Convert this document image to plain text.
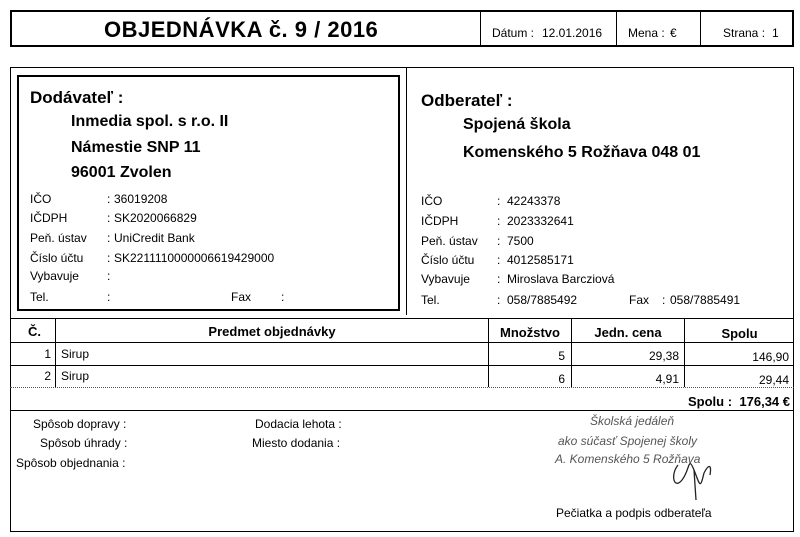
OBJEDNÁVKA č. 9 / 2016	Dátum : 12.01.2016 Mena : €	Strana : 1
Dodávateľ :
Inmedia spol. s r.o. II
Námestie SNP 11
96001 Zvolen
IČO	: 36019208
IČDPH	: SK2020066829
Peň. ústav : UniCredit Bank
Číslo účtu : SK2211110000006619429000
Vybavuje :
Tel.	:	Fax :
Odberateľ :
Spojená škola
Komenského 5 Rožňava 048 01
IČO	: 42243378
IČDPH	: 2023332641
Peň. ústav : 7500
Číslo účtu : 4012585171
Vybavuje : Miroslava Barcziová
Tel.	: 058/7885492	Fax : 058/7885491
Č.	Predmet objednávky	Množstvo	Jedn. cena	Spolu
1 Sirup	5	29,38	146,90
2 Sirup	6	4,91	29,44
Spolu : 176,34 €
Spôsob dopravy :
Spôsob úhrady :
Spôsob objednania :
Dodacia lehota :
Miesto dodania :
Školská jedáleň
ako súčasť Spojenej školy
A. Komenského 5 Rožňava
Pečiatka a podpis odberateľa
